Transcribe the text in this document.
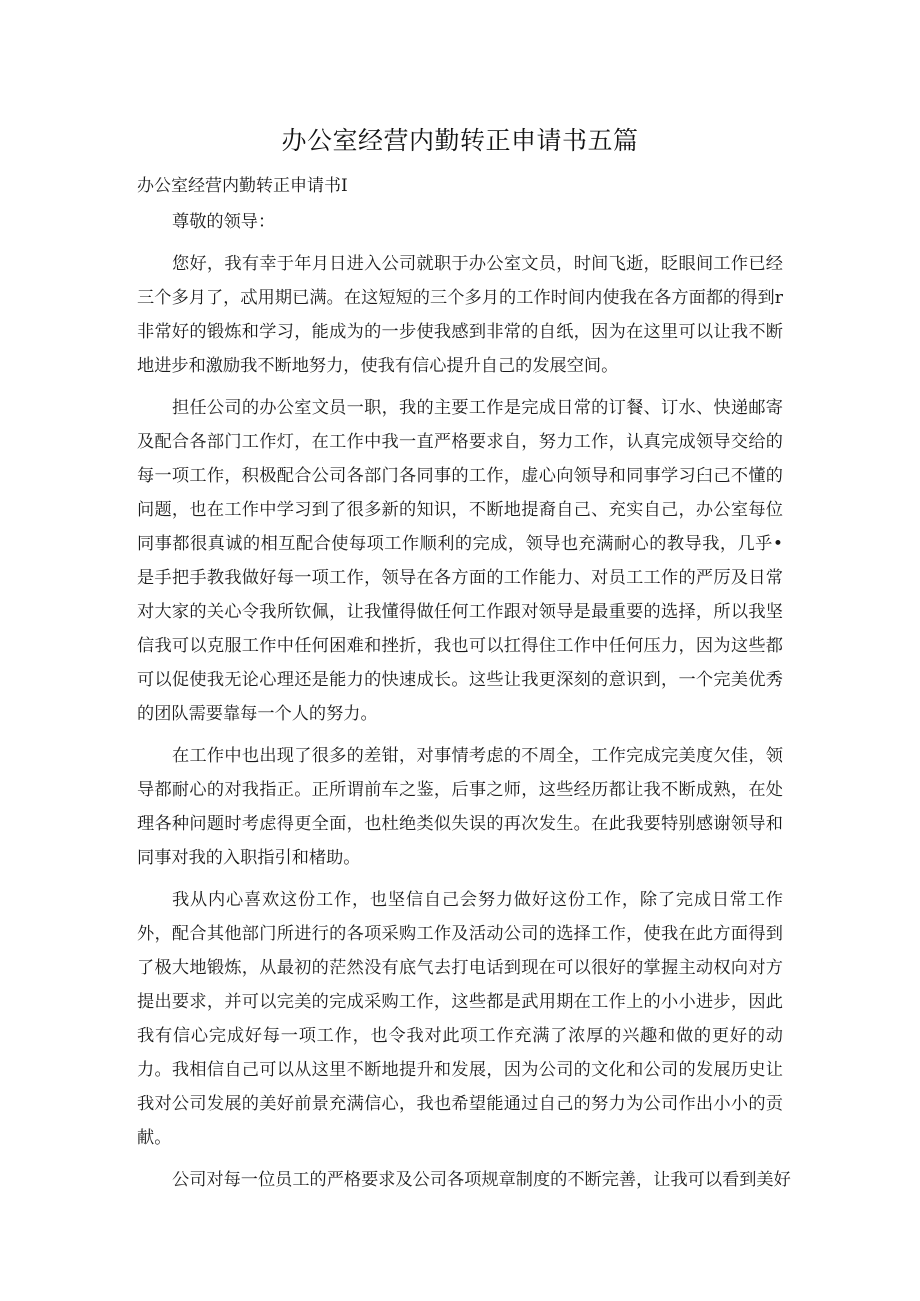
办公室经营内勤转正申请书五篇
办公室经营内勤转正申请书I

尊敬的领导：

您好，我有幸于年月日进入公司就职于办公室文员，时间飞逝，眨眼间工作已经三个多月了，忒用期已满。在这短短的三个多月的工作时间内使我在各方面都的得到r非常好的锻炼和学习，能成为的一步使我感到非常的自纸，因为在这里可以让我不断地进步和激励我不断地努力，使我有信心提升自己的发展空间。

担任公司的办公室文员一职，我的主要工作是完成日常的订餐、订水、快递邮寄及配合各部门工作灯，在工作中我一直严格要求自，努力工作，认真完成领导交给的每一项工作，积极配合公司各部门各同事的工作，虚心向领导和同事学习臼己不懂的问题，也在工作中学习到了很多新的知识，不断地提裔自己、充实自己，办公室每位同事都很真诚的相互配合使每项工作顺利的完成，领导也充满耐心的教导我，几乎•是手把手教我做好每一项工作，领导在各方面的工作能力、对员工工作的严厉及日常对大家的关心令我所钦佩，让我懂得做任何工作跟对领导是最重要的选择，所以我坚信我可以克服工作中任何困难和挫折，我也可以扛得住工作中任何压力，因为这些都可以促使我无论心理还是能力的快速成长。这些让我更深刻的意识到，一个完美优秀的团队需要靠每一个人的努力。

在工作中也出现了很多的差钳，对事情考虑的不周全，工作完成完美度欠佳，领导都耐心的对我指正。正所谓前车之鉴，后事之师，这些经历都让我不断成熟，在处理各种问题时考虑得更全面，也杜绝类似失误的再次发生。在此我要特别感谢领导和同事对我的入职指引和楮助。

我从内心喜欢这份工作，也坚信自己会努力做好这份工作，除了完成日常工作外，配合其他部门所进行的各项采购工作及活动公司的选择工作，使我在此方面得到了极大地锻炼，从最初的茫然没有底气去打电话到现在可以很好的掌握主动权向对方提出要求，并可以完美的完成采购工作，这些都是武用期在工作上的小小进步，因此我有信心完成好每一项工作，也令我对此项工作充满了浓厚的兴趣和做的更好的动力。我相信自己可以从这里不断地提升和发展，因为公司的文化和公司的发展历史让我对公司发展的美好前景充满信心，我也希望能通过自己的努力为公司作出小小的贡献。

公司对每一位员工的严格要求及公司各项规章制度的不断完善，让我可以看到美好
